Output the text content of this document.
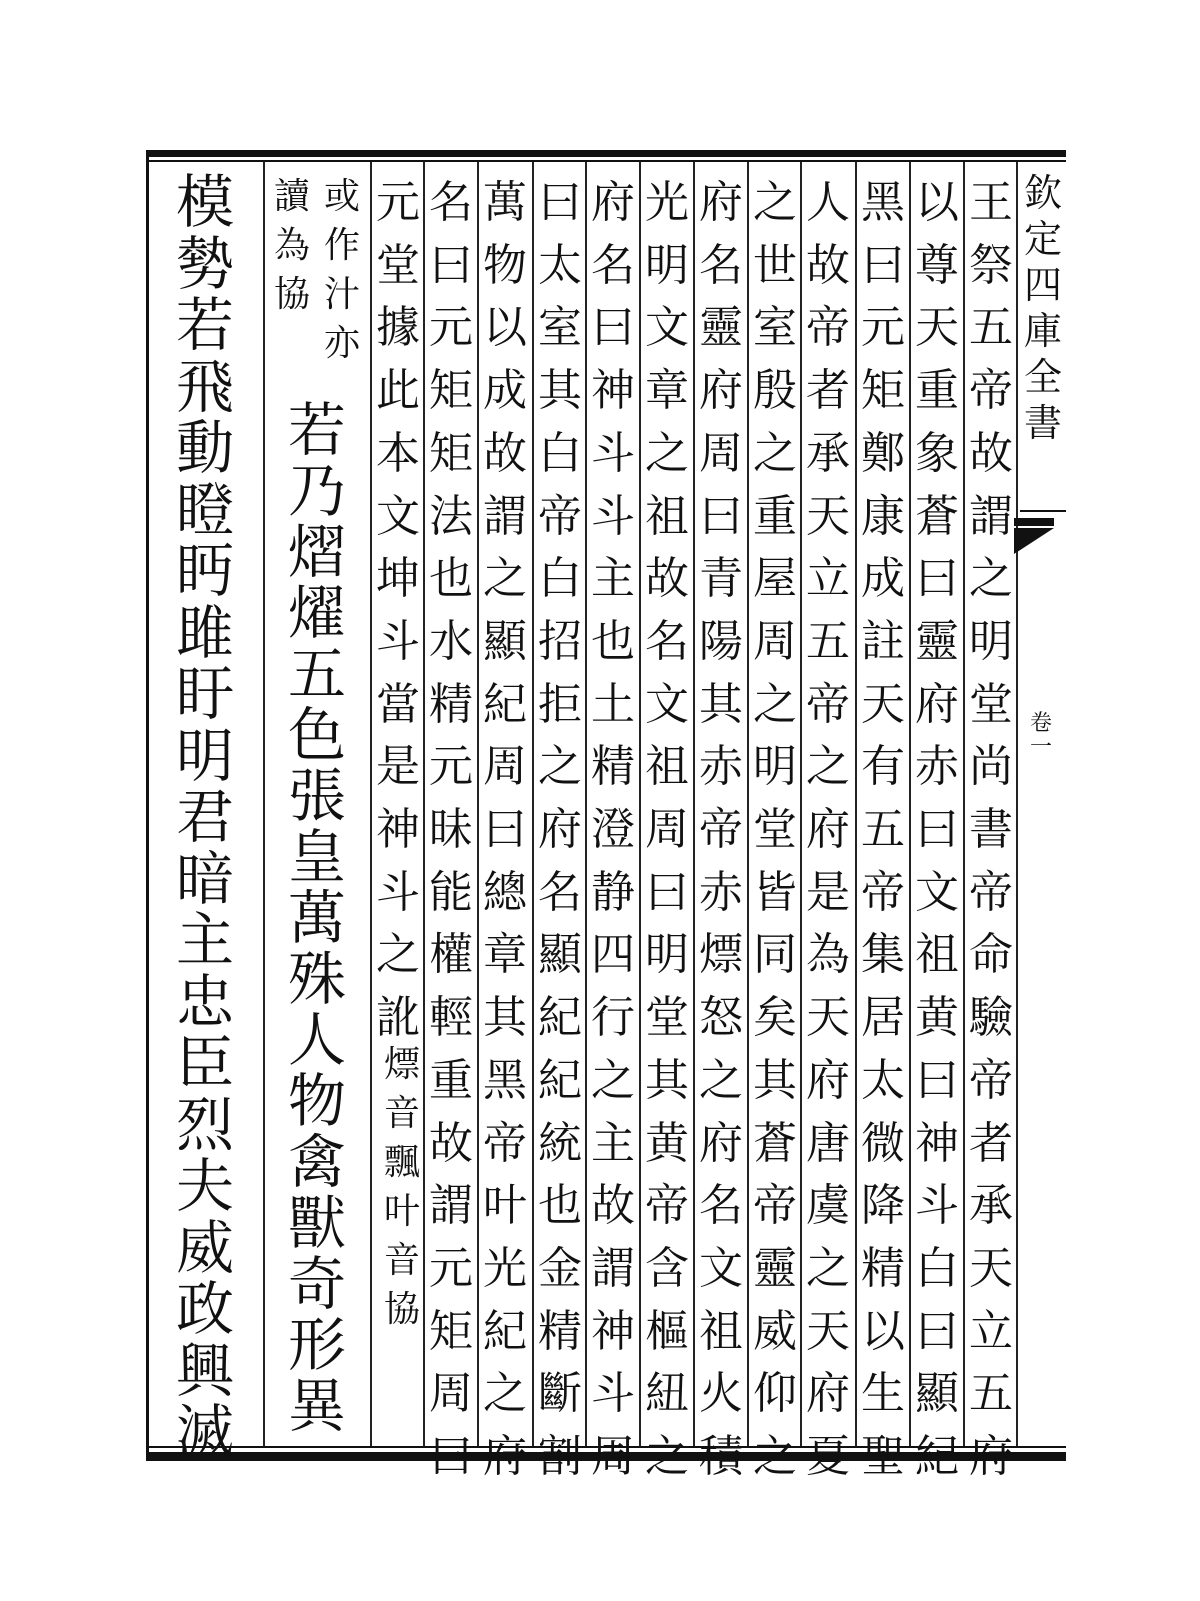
欽定四庫全書
卷一
王祭五帝故謂之明堂尚書帝命驗帝者承天立五府
以尊天重象蒼曰靈府赤曰文祖黄曰神斗白曰顯紀
黑曰元矩鄭康成註天有五帝集居太微降精以生聖
人故帝者承天立五帝之府是為天府唐虞之天府夏
之世室殷之重屋周之明堂皆同矣其蒼帝靈威仰之
府名靈府周曰青陽其赤帝赤熛怒之府名文祖火積
光明文章之祖故名文祖周曰明堂其黄帝含樞紐之
府名曰神斗斗主也土精澄静四行之主故謂神斗周
曰太室其白帝白招拒之府名顯紀紀統也金精斷割
萬物以成故謂之顯紀周曰總章其黑帝叶光紀之府
名曰元矩矩法也水精元昧能權輕重故謂元矩周曰
元堂據此本文坤斗當是神斗之訛
或作汁亦
讀為協
熛音飄叶音協
若乃熠燿五色張皇萬殊人物禽獸奇形異
模勢若飛動瞪眄雎盱明君暗主忠臣烈夫威政興滅
